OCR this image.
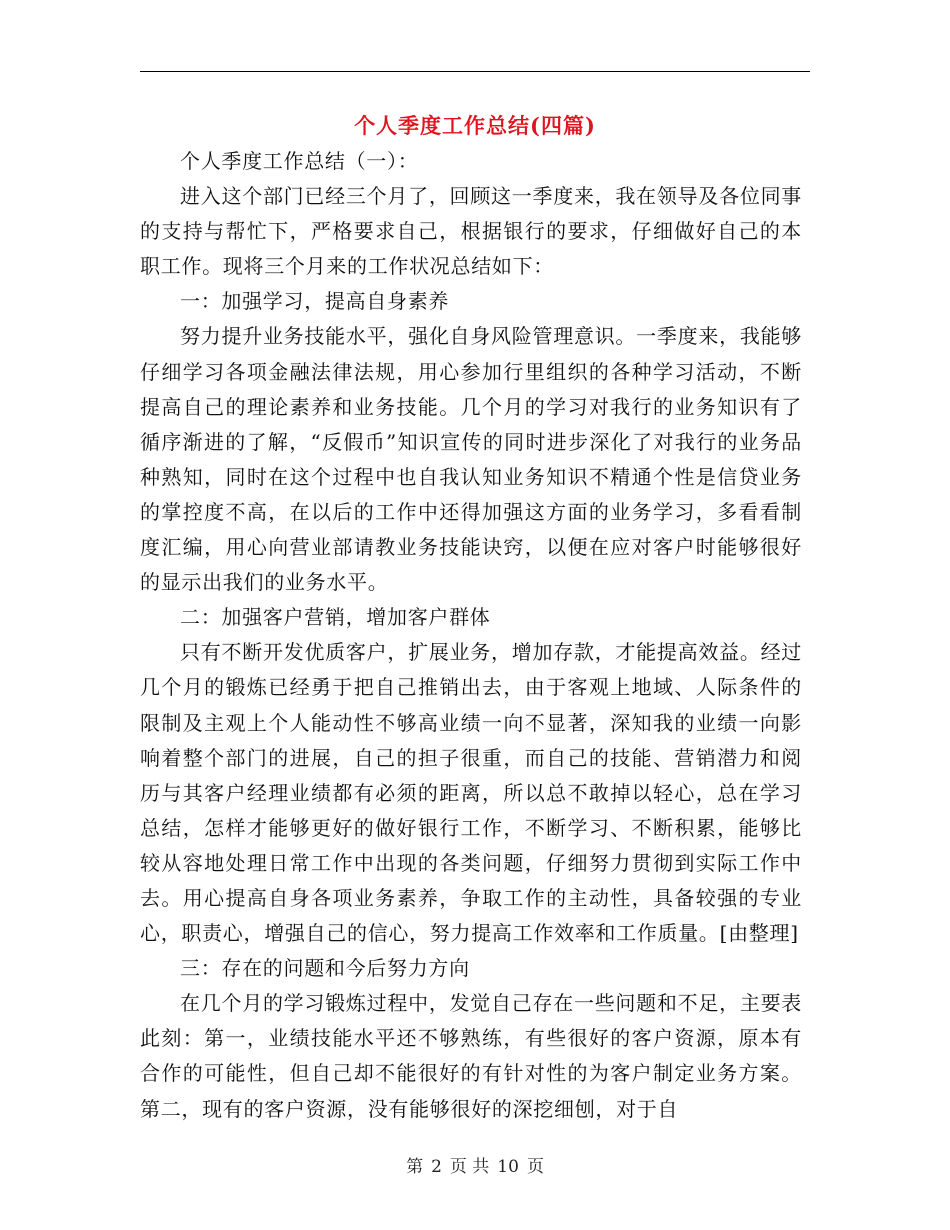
个人季度工作总结(四篇)

个人季度工作总结（一）：

进入这个部门已经三个月了，回顾这一季度来，我在领导及各位同事的支持与帮忙下，严格要求自己，根据银行的要求，仔细做好自己的本职工作。现将三个月来的工作状况总结如下：

一：加强学习，提高自身素养

努力提升业务技能水平，强化自身风险管理意识。一季度来，我能够仔细学习各项金融法律法规，用心参加行里组织的各种学习活动，不断提高自己的理论素养和业务技能。几个月的学习对我行的业务知识有了循序渐进的了解，“反假币”知识宣传的同时进步深化了对我行的业务品种熟知，同时在这个过程中也自我认知业务知识不精通个性是信贷业务的掌控度不高，在以后的工作中还得加强这方面的业务学习，多看看制度汇编，用心向营业部请教业务技能诀窍，以便在应对客户时能够很好的显示出我们的业务水平。

二：加强客户营销，增加客户群体

只有不断开发优质客户，扩展业务，增加存款，才能提高效益。经过几个月的锻炼已经勇于把自己推销出去，由于客观上地域、人际条件的限制及主观上个人能动性不够高业绩一向不显著，深知我的业绩一向影响着整个部门的进展，自己的担子很重，而自己的技能、营销潜力和阅历与其客户经理业绩都有必须的距离，所以总不敢掉以轻心，总在学习总结，怎样才能够更好的做好银行工作，不断学习、不断积累，能够比较从容地处理日常工作中出现的各类问题，仔细努力贯彻到实际工作中去。用心提高自身各项业务素养，争取工作的主动性，具备较强的专业心，职责心，增强自己的信心，努力提高工作效率和工作质量。[由整理]

三：存在的问题和今后努力方向

在几个月的学习锻炼过程中，发觉自己存在一些问题和不足，主要表此刻：第一，业绩技能水平还不够熟练，有些很好的客户资源，原本有合作的可能性，但自己却不能很好的有针对性的为客户制定业务方案。第二，现有的客户资源，没有能够很好的深挖细刨，对于自

第 2 页 共 10 页
